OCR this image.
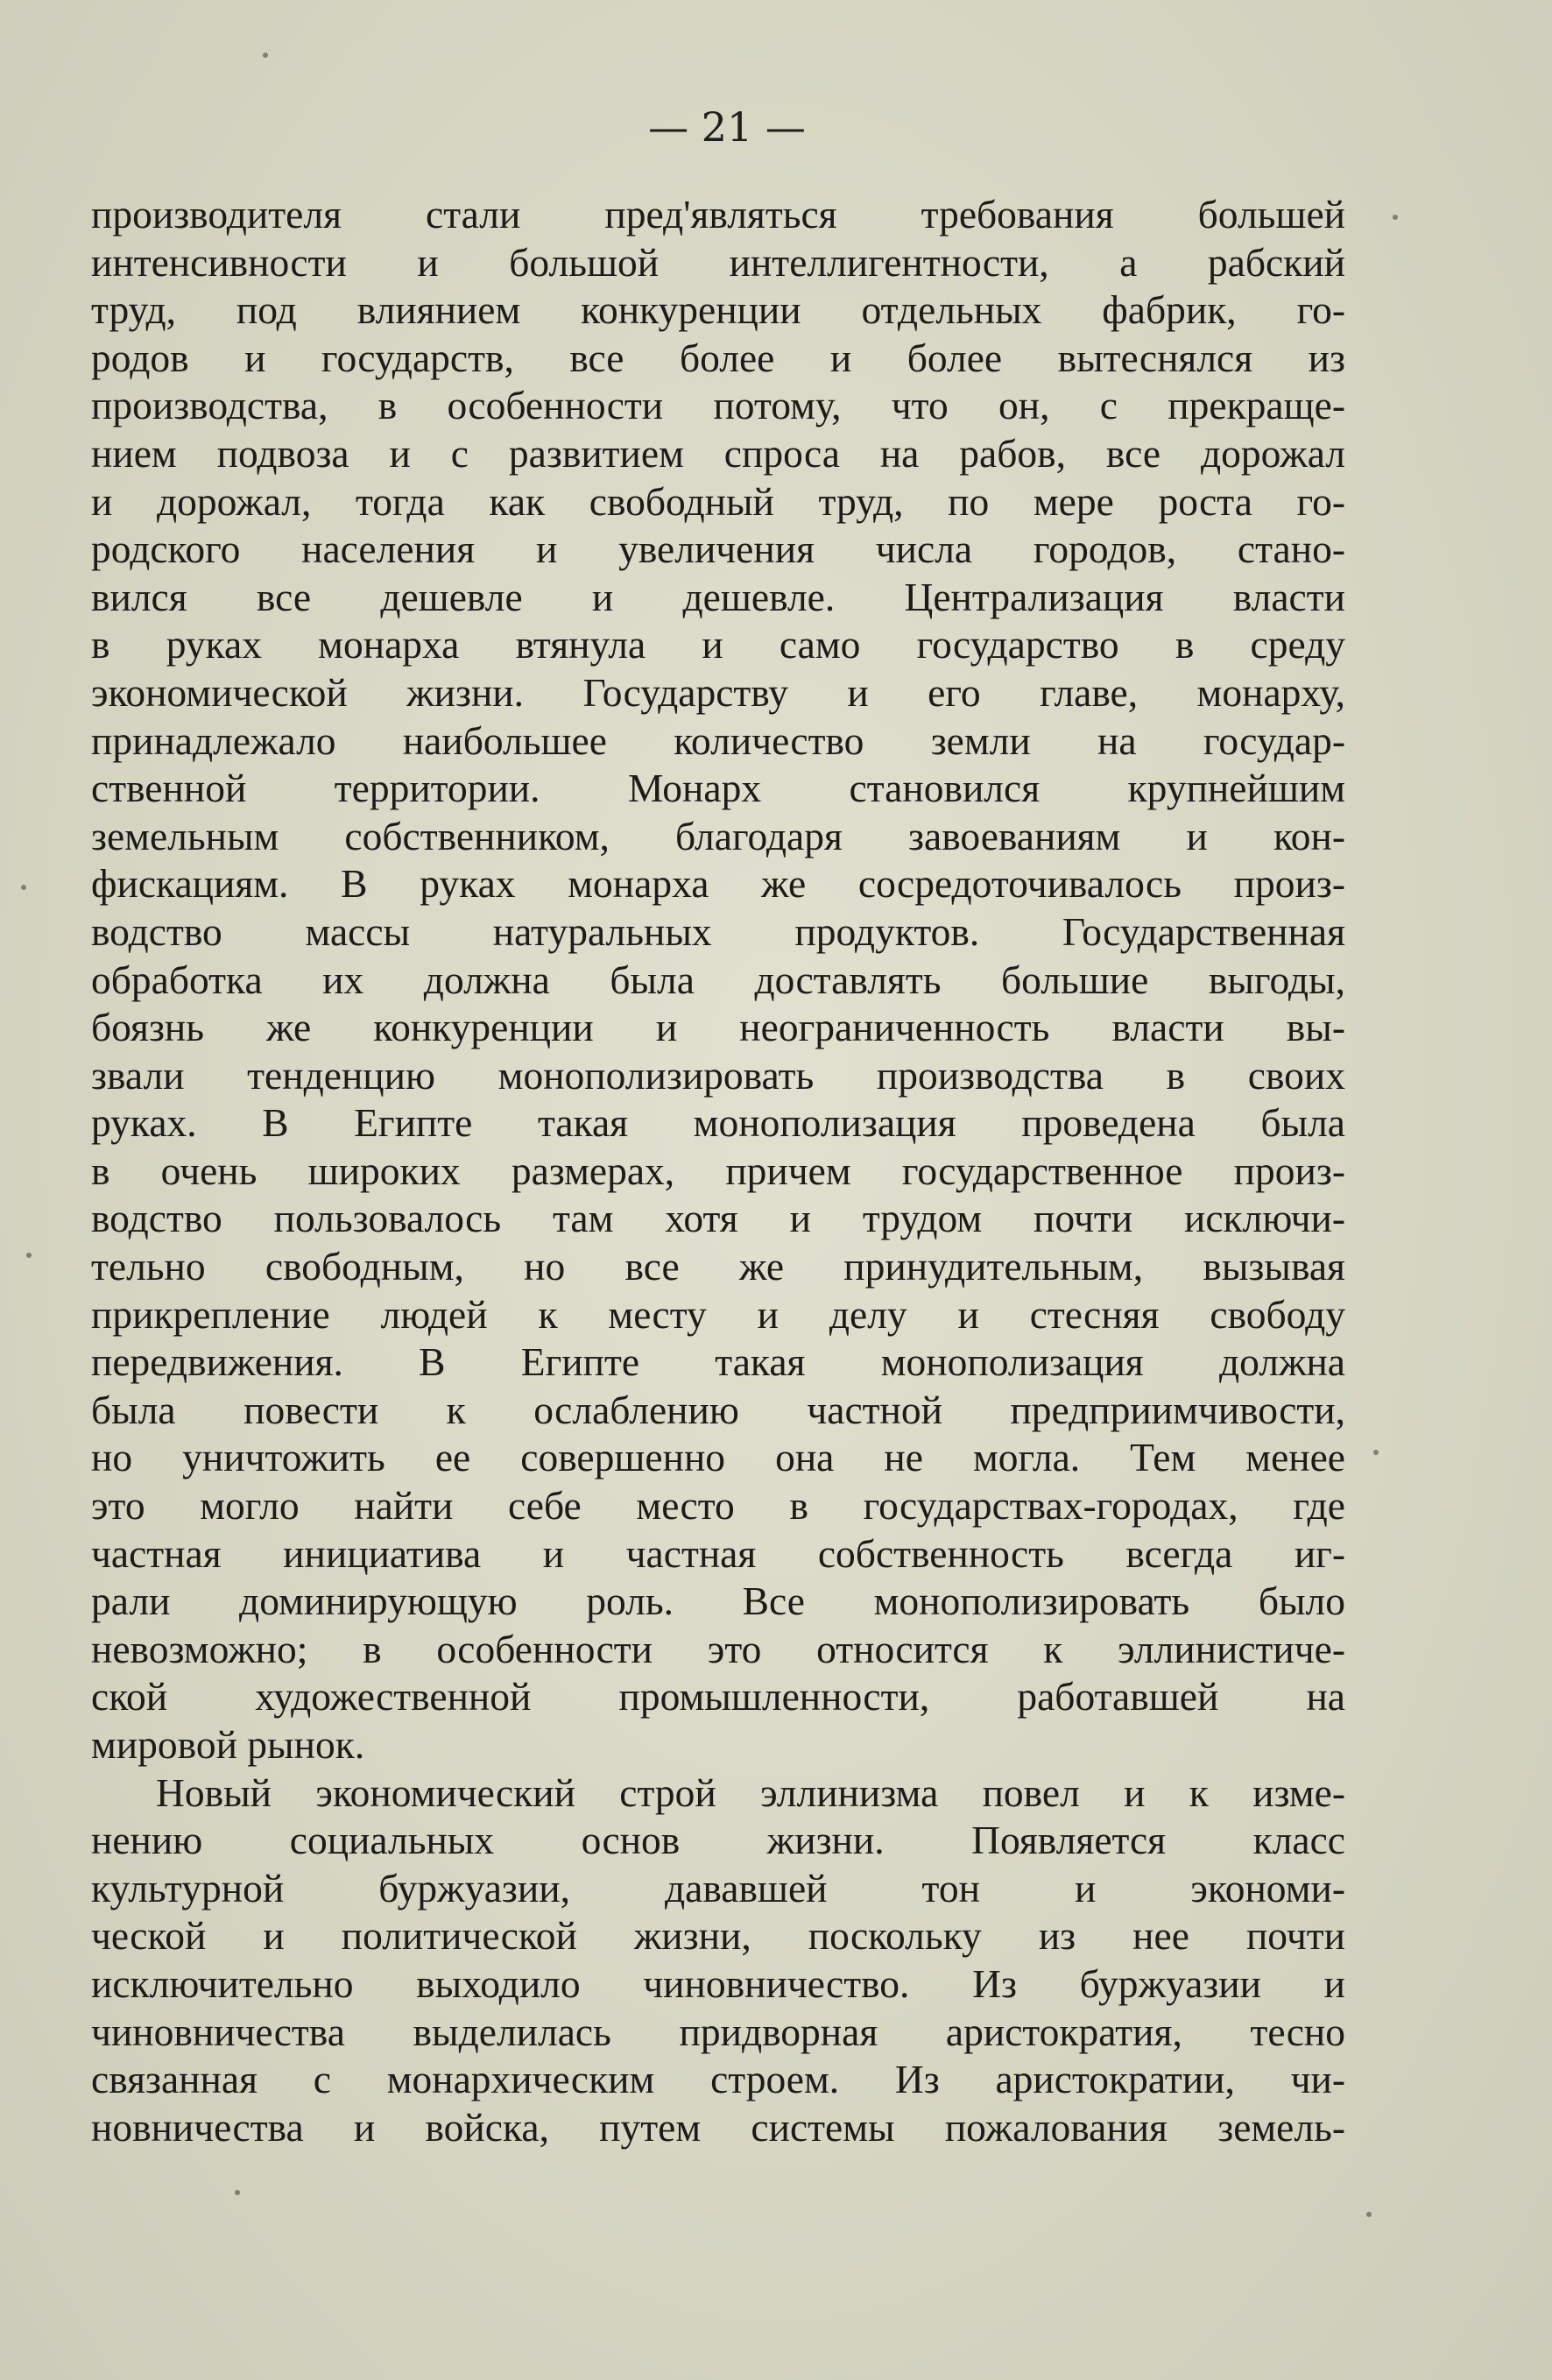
— 21 —
производителя стали пред'являться требования большей
интенсивности и большой интеллигентности, а рабский
труд, под влиянием конкуренции отдельных фабрик, го-
родов и государств, все более и более вытеснялся из
производства, в особенности потому, что он, с прекраще-
нием подвоза и с развитием спроса на рабов, все дорожал
и дорожал, тогда как свободный труд, по мере роста го-
родского населения и увеличения числа городов, стано-
вился все дешевле и дешевле. Централизация власти
в руках монарха втянула и само государство в среду
экономической жизни. Государству и его главе, монарху,
принадлежало наибольшее количество земли на государ-
ственной территории. Монарх становился крупнейшим
земельным собственником, благодаря завоеваниям и кон-
фискациям. В руках монарха же сосредоточивалось произ-
водство массы натуральных продуктов. Государственная
обработка их должна была доставлять большие выгоды,
боязнь же конкуренции и неограниченность власти вы-
звали тенденцию монополизировать производства в своих
руках. В Египте такая монополизация проведена была
в очень широких размерах, причем государственное произ-
водство пользовалось там хотя и трудом почти исключи-
тельно свободным, но все же принудительным, вызывая
прикрепление людей к месту и делу и стесняя свободу
передвижения. В Египте такая монополизация должна
была повести к ослаблению частной предприимчивости,
но уничтожить ее совершенно она не могла. Тем менее
это могло найти себе место в государствах-городах, где
частная инициатива и частная собственность всегда иг-
рали доминирующую роль. Все монополизировать было
невозможно; в особенности это относится к эллинистиче-
ской художественной промышленности, работавшей на
мировой рынок.
Новый экономический строй эллинизма повел и к изме-
нению социальных основ жизни. Появляется класс
культурной буржуазии, дававшей тон и экономи-
ческой и политической жизни, поскольку из нее почти
исключительно выходило чиновничество. Из буржуазии и
чиновничества выделилась придворная аристократия, тесно
связанная с монархическим строем. Из аристократии, чи-
новничества и войска, путем системы пожалования земель-
